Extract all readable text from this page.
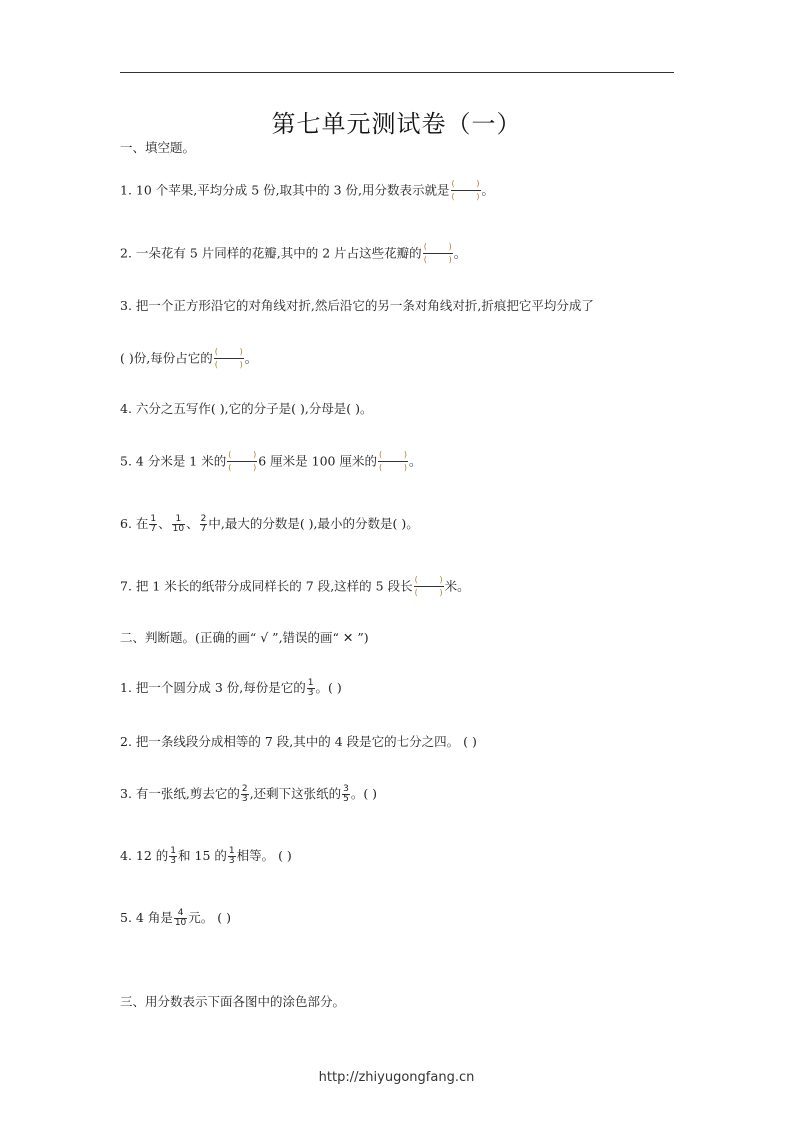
第七单元测试卷（一）
一、填空题。
1. 10 个苹果,平均分成 5 份,取其中的 3 份,用分数表示就是 (	)
(	) 。
2. 一朵花有 5 片同样的花瓣,其中的 2 片占这些花瓣的 (	)
(	) 。
3. 把一个正方形沿它的对角线对折,然后沿它的另一条对角线对折,折痕把它平均分成了
( )份,每份占它的 (	)
(	) 。
4. 六分之五写作( ),它的分子是( ),分母是( )。
5. 4 分米是 1 米的 (	)
(	) 6 厘米是 100 厘米的 (	)
(	) 。
6. 在 $\frac{1}{7}$ 、 $\frac{1}{10}$ 、 $\frac{2}{7}$ 中,最大的分数是( ),最小的分数是( )。
7. 把 1 米长的纸带分成同样长的 7 段,这样的 5 段长 (	)
(	) 米。
二、判断题。(正确的画“ √ ”,错误的画“ ✕ ”)
1. 把一个圆分成 3 份,每份是它的 $\frac{1}{3}$ 。( )
2. 把一条线段分成相等的 7 段,其中的 4 段是它的七分之四。 ( )
3. 有一张纸,剪去它的 $\frac{2}{3}$ ,还剩下这张纸的 $\frac{3}{5}$ 。( )
4. 12 的 $\frac{1}{3}$ 和 15 的 $\frac{1}{3}$ 相等。 ( )
5. 4 角是 $\frac{4}{10}$ 元。 ( )
三、用分数表示下面各图中的涂色部分。
http://zhiyugongfang.cn
